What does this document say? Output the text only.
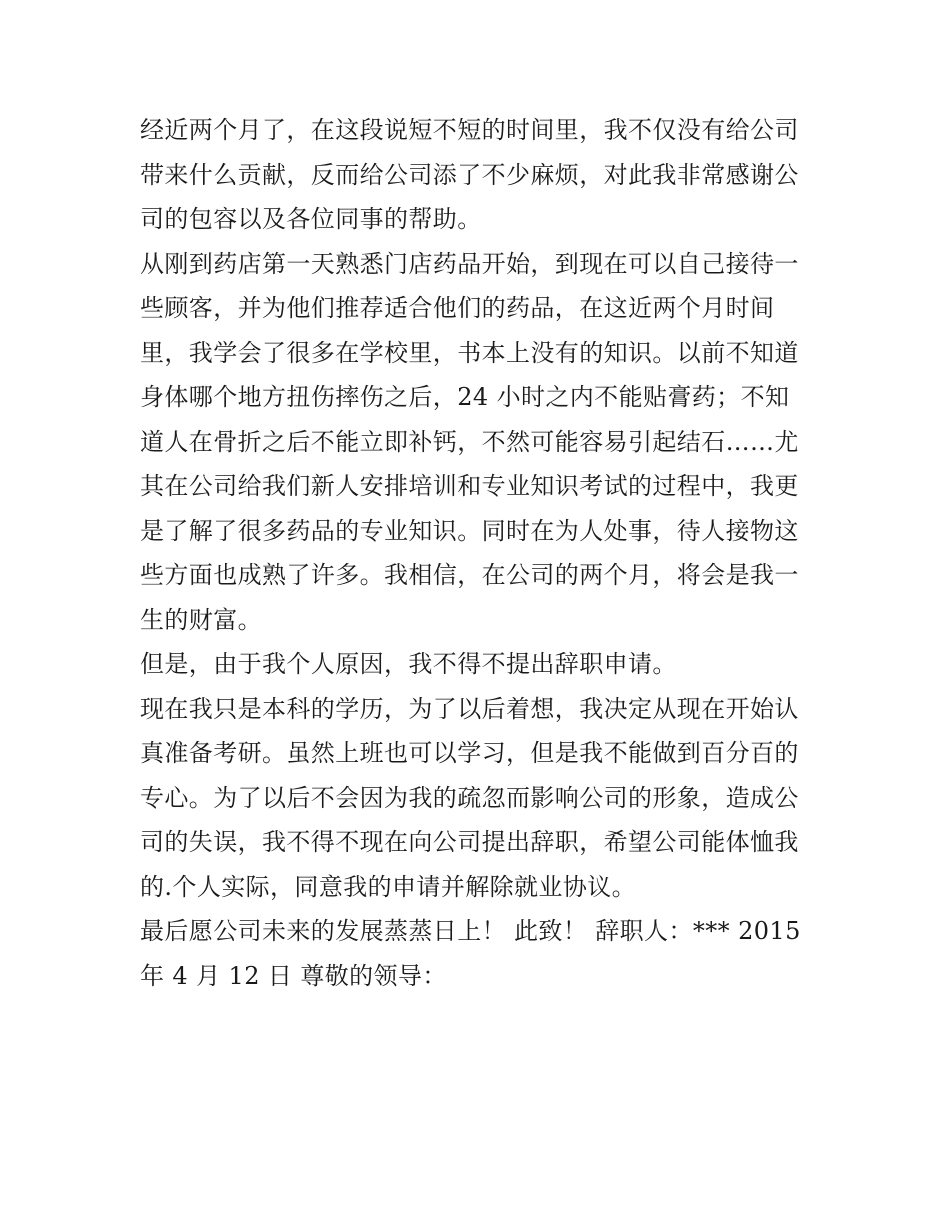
经近两个月了，在这段说短不短的时间里，我不仅没有给公司
带来什么贡献，反而给公司添了不少麻烦，对此我非常感谢公
司的包容以及各位同事的帮助。
从刚到药店第一天熟悉门店药品开始，到现在可以自己接待一
些顾客，并为他们推荐适合他们的药品，在这近两个月时间
里，我学会了很多在学校里，书本上没有的知识。以前不知道
身体哪个地方扭伤摔伤之后，24 小时之内不能贴膏药；不知
道人在骨折之后不能立即补钙，不然可能容易引起结石……尤
其在公司给我们新人安排培训和专业知识考试的过程中，我更
是了解了很多药品的专业知识。同时在为人处事，待人接物这
些方面也成熟了许多。我相信，在公司的两个月，将会是我一
生的财富。
但是，由于我个人原因，我不得不提出辞职申请。
现在我只是本科的学历，为了以后着想，我决定从现在开始认
真准备考研。虽然上班也可以学习，但是我不能做到百分百的
专心。为了以后不会因为我的疏忽而影响公司的形象，造成公
司的失误，我不得不现在向公司提出辞职，希望公司能体恤我
的.个人实际，同意我的申请并解除就业协议。
最后愿公司未来的发展蒸蒸日上！ 此致！ 辞职人：*** 2015
年 4 月 12 日 尊敬的领导：
